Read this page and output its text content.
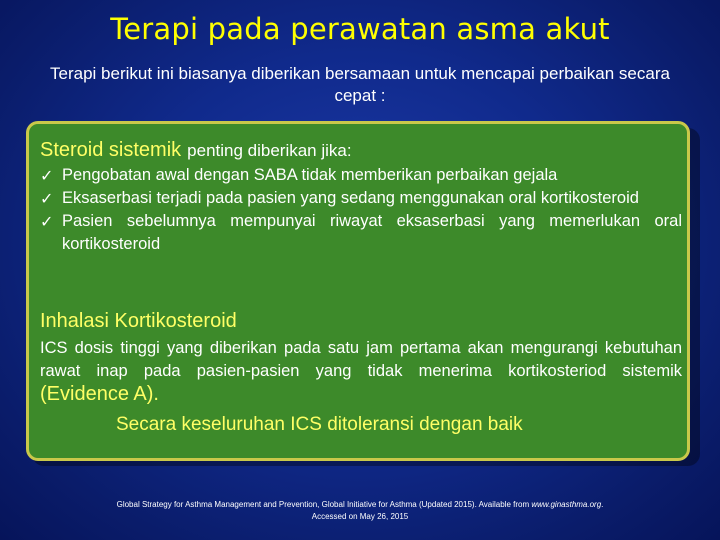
Terapi pada perawatan asma akut
Terapi berikut ini biasanya diberikan bersamaan untuk mencapai perbaikan secara cepat :
Steroid sistemik penting diberikan jika:
✓ Pengobatan awal dengan SABA tidak memberikan perbaikan gejala
✓ Eksaserbasi terjadi pada pasien yang sedang menggunakan oral kortikosteroid
✓ Pasien sebelumnya mempunyai riwayat eksaserbasi yang memerlukan oral kortikosteroid
Inhalasi Kortikosteroid
ICS dosis tinggi yang diberikan pada satu jam pertama akan mengurangi kebutuhan rawat inap pada pasien-pasien yang tidak menerima kortikosteriod sistemik (Evidence A).
Secara keseluruhan ICS ditoleransi dengan baik
Global Strategy for Asthma Management and Prevention, Global Initiative for Asthma (Updated 2015). Available from www.ginasthma.org.
Accessed on May 26, 2015
